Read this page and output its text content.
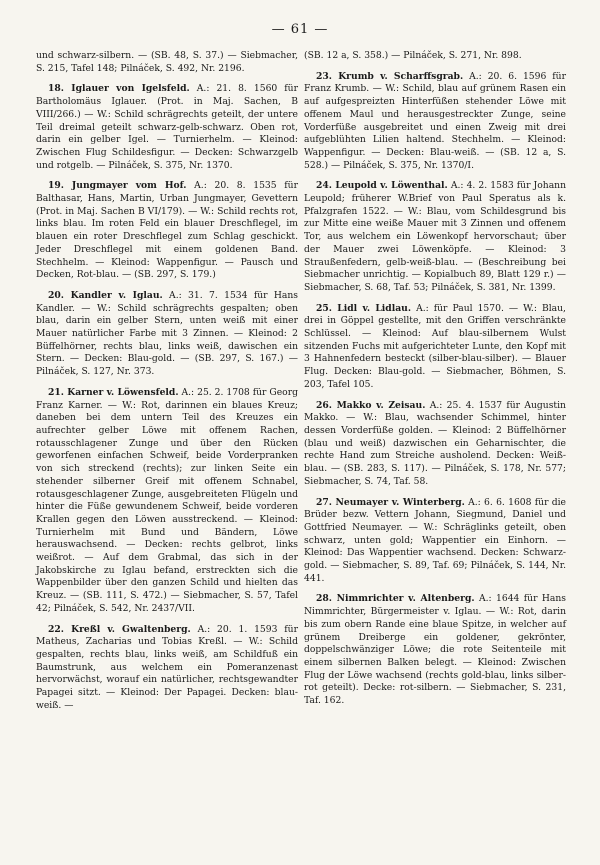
— 61 —

und schwarz-silbern. — (SB. 48, S. 37.) — Siebmacher, S. 215, Tafel 148; Pilnáček, S. 492, Nr. 2196.

18. Iglauer von Igelsfeld. A.: 21. 8. 1560 für Bartholomäus Iglauer. (Prot. in Maj. Sachen, B VIII/266.) — W.: Schild schrägrechts geteilt, der untere Teil dreimal geteilt schwarz-gelb-schwarz. Oben rot, darin ein gelber Igel. — Turnierhelm. — Kleinod: Zwischen Flug Schildesfigur. — Decken: Schwarzgelb und rotgelb. — Pilnáček, S. 375, Nr. 1370.

19. Jungmayer vom Hof. A.: 20. 8. 1535 für Balthasar, Hans, Martin, Urban Jungmayer, Gevettern (Prot. in Maj. Sachen B VI/179). — W.: Schild rechts rot, links blau. Im roten Feld ein blauer Dreschflegel, im blauen ein roter Dreschflegel zum Schlag geschickt. Jeder Dreschflegel mit einem goldenen Band. Stechhelm. — Kleinod: Wappenfigur. — Pausch und Decken, Rot-blau. — (SB. 297, S. 179.)

20. Kandler v. Iglau. A.: 31. 7. 1534 für Hans Kandler. — W.: Schild schrägrechts gespalten; oben blau, darin ein gelber Stern, unten weiß mit einer Mauer natürlicher Farbe mit 3 Zinnen. — Kleinod: 2 Büffelhörner, rechts blau, links weiß, dawischen ein Stern. — Decken: Blau-gold. — (SB. 297, S. 167.) — Pilnáček, S. 127, Nr. 373.

21. Karner v. Löwensfeld. A.: 25. 2. 1708 für Georg Franz Karner. — W.: Rot, darinnen ein blaues Kreuz; daneben bei dem untern Teil des Kreuzes ein aufrechter gelber Löwe mit offenem Rachen, rotausschlagener Zunge und über den Rücken geworfenen einfachen Schweif, beide Vorderpranken von sich streckend (rechts); zur linken Seite ein stehender silberner Greif mit offenem Schnabel, rotausgeschlagener Zunge, ausgebreiteten Flügeln und hinter die Füße gewundenem Schweif, beide vorderen Krallen gegen den Löwen ausstreckend. — Kleinod: Turnierhelm mit Bund und Bändern, Löwe herauswachsend. — Decken: rechts gelbrot, links weißrot. — Auf dem Grabmal, das sich in der Jakobskirche zu Iglau befand, erstreckten sich die Wappenbilder über den ganzen Schild und hielten das Kreuz. — (SB. 111, S. 472.) — Siebmacher, S. 57, Tafel 42; Pilnáček, S. 542, Nr. 2437/VII.

22. Kreßl v. Gwaltenberg. A.: 20. 1. 1593 für Matheus, Zacharias und Tobias Kreßl. — W.: Schild gespalten, rechts blau, links weiß, am Schildfuß ein Baumstrunk, aus welchem ein Pomeranzenast hervorwächst, worauf ein natürlicher, rechtsgewandter Papagei sitzt. — Kleinod: Der Papagei. Decken: blau-weiß. —

(SB. 12 a, S. 358.) — Pilnáček, S. 271, Nr. 898.

23. Krumb v. Scharffsgrab. A.: 20. 6. 1596 für Franz Krumb. — W.: Schild, blau auf grünem Rasen ein auf aufgespreizten Hinterfüßen stehender Löwe mit offenem Maul und herausgestreckter Zunge, seine Vorderfüße ausgebreitet und einen Zweig mit drei aufgeblühten Lilien haltend. Stechhelm. — Kleinod: Wappenfigur. — Decken: Blau-weiß. — (SB. 12 a, S. 528.) — Pilnáček, S. 375, Nr. 1370/I.

24. Leupold v. Löwenthal. A.: 4. 2. 1583 für Johann Leupold; früherer W.Brief von Paul Speratus als k. Pfalzgrafen 1522. — W.: Blau, vom Schildesgrund bis zur Mitte eine weiße Mauer mit 3 Zinnen und offenem Tor, aus welchem ein Löwenkopf hervorschaut; über der Mauer zwei Löwenköpfe. — Kleinod: 3 Straußenfedern, gelb-weiß-blau. — (Beschreibung bei Siebmacher unrichtig. — Kopialbuch 89, Blatt 129 r.) — Siebmacher, S. 68, Taf. 53; Pilnáček, S. 381, Nr. 1399.

25. Lidl v. Lidlau. A.: für Paul 1570. — W.: Blau, drei in Göppel gestellte, mit den Griffen verschränkte Schlüssel. — Kleinod: Auf blau-silbernem Wulst sitzenden Fuchs mit aufgerichteter Lunte, den Kopf mit 3 Hahnenfedern besteckt (silber-blau-silber). — Blauer Flug. Decken: Blau-gold. — Siebmacher, Böhmen, S. 203, Tafel 105.

26. Makko v. Zeisau. A.: 25. 4. 1537 für Augustin Makko. — W.: Blau, wachsender Schimmel, hinter dessen Vorderfüße golden. — Kleinod: 2 Büffelhörner (blau und weiß) dazwischen ein Geharnischter, die rechte Hand zum Streiche ausholend. Decken: Weiß-blau. — (SB. 283, S. 117). — Pilnáček, S. 178, Nr. 577; Siebmacher, S. 74, Taf. 58.

27. Neumayer v. Winterberg. A.: 6. 6. 1608 für die Brüder bezw. Vettern Johann, Siegmund, Daniel und Gottfried Neumayer. — W.: Schräglinks geteilt, oben schwarz, unten gold; Wappentier ein Einhorn. — Kleinod: Das Wappentier wachsend. Decken: Schwarz-gold. — Siebmacher, S. 89, Taf. 69; Pilnáček, S. 144, Nr. 441.

28. Nimmrichter v. Altenberg. A.: 1644 für Hans Nimmrichter, Bürgermeister v. Iglau. — W.: Rot, darin bis zum obern Rande eine blaue Spitze, in welcher auf grünem Dreiberge ein goldener, gekrönter, doppelschwänziger Löwe; die rote Seitenteile mit einem silbernen Balken belegt. — Kleinod: Zwischen Flug der Löwe wachsend (rechts gold-blau, links silber-rot geteilt). Decke: rot-silbern. — Siebmacher, S. 231, Taf. 162.
